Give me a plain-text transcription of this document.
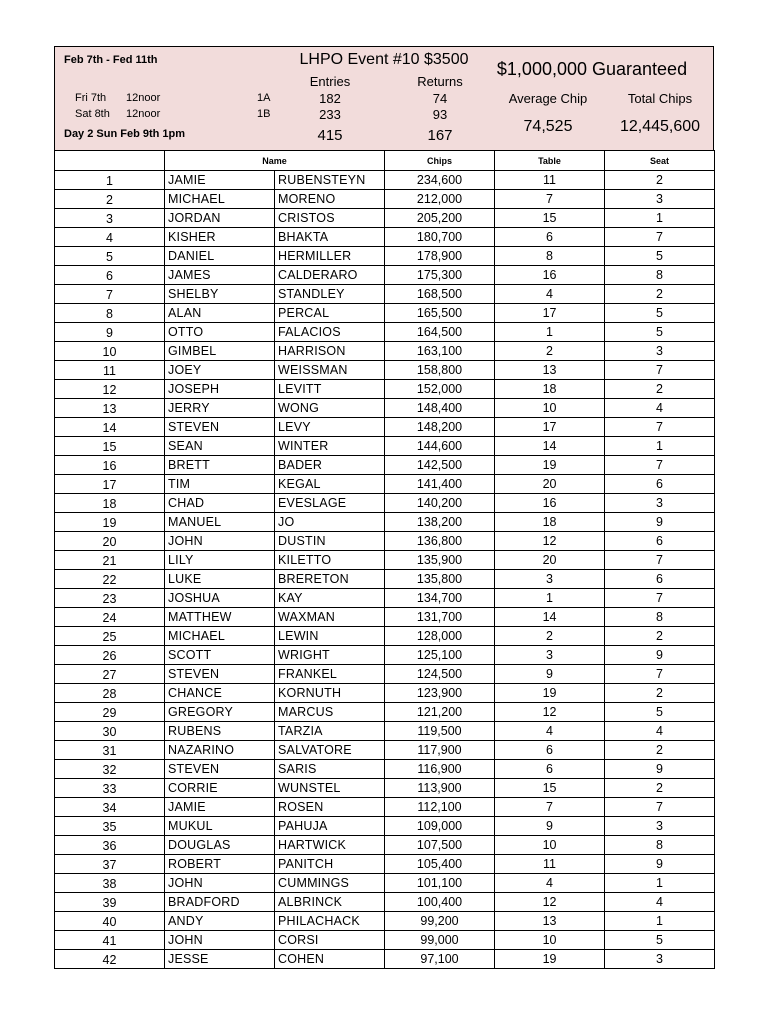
Feb 7th - Fed 11th	LHPO Event #10 $3500 $1,000,000 Guaranteed
Entries	Returns
Fri 7th 12noor	1A	182	74
Sat 8th 12noor	1B	233	93
Day 2 Sun Feb 9th 1pm	415	167
Average Chip	Total Chips
74,525	12,445,600
	Name		Chips	Table	Seat
1	JAMIE	RUBENSTEYN	234,600	11	2
2	MICHAEL	MORENO	212,000	7	3
3	JORDAN	CRISTOS	205,200	15	1
4	KISHER	BHAKTA	180,700	6	7
5	DANIEL	HERMILLER	178,900	8	5
6	JAMES	CALDERARO	175,300	16	8
7	SHELBY	STANDLEY	168,500	4	2
8	ALAN	PERCAL	165,500	17	5
9	OTTO	FALACIOS	164,500	1	5
10	GIMBEL	HARRISON	163,100	2	3
11	JOEY	WEISSMAN	158,800	13	7
12	JOSEPH	LEVITT	152,000	18	2
13	JERRY	WONG	148,400	10	4
14	STEVEN	LEVY	148,200	17	7
15	SEAN	WINTER	144,600	14	1
16	BRETT	BADER	142,500	19	7
17	TIM	KEGAL	141,400	20	6
18	CHAD	EVESLAGE	140,200	16	3
19	MANUEL	JO	138,200	18	9
20	JOHN	DUSTIN	136,800	12	6
21	LILY	KILETTO	135,900	20	7
22	LUKE	BRERETON	135,800	3	6
23	JOSHUA	KAY	134,700	1	7
24	MATTHEW	WAXMAN	131,700	14	8
25	MICHAEL	LEWIN	128,000	2	2
26	SCOTT	WRIGHT	125,100	3	9
27	STEVEN	FRANKEL	124,500	9	7
28	CHANCE	KORNUTH	123,900	19	2
29	GREGORY	MARCUS	121,200	12	5
30	RUBENS	TARZIA	119,500	4	4
31	NAZARINO	SALVATORE	117,900	6	2
32	STEVEN	SARIS	116,900	6	9
33	CORRIE	WUNSTEL	113,900	15	2
34	JAMIE	ROSEN	112,100	7	7
35	MUKUL	PAHUJA	109,000	9	3
36	DOUGLAS	HARTWICK	107,500	10	8
37	ROBERT	PANITCH	105,400	11	9
38	JOHN	CUMMINGS	101,100	4	1
39	BRADFORD	ALBRINCK	100,400	12	4
40	ANDY	PHILACHACK	99,200	13	1
41	JOHN	CORSI	99,000	10	5
42	JESSE	COHEN	97,100	19	3
